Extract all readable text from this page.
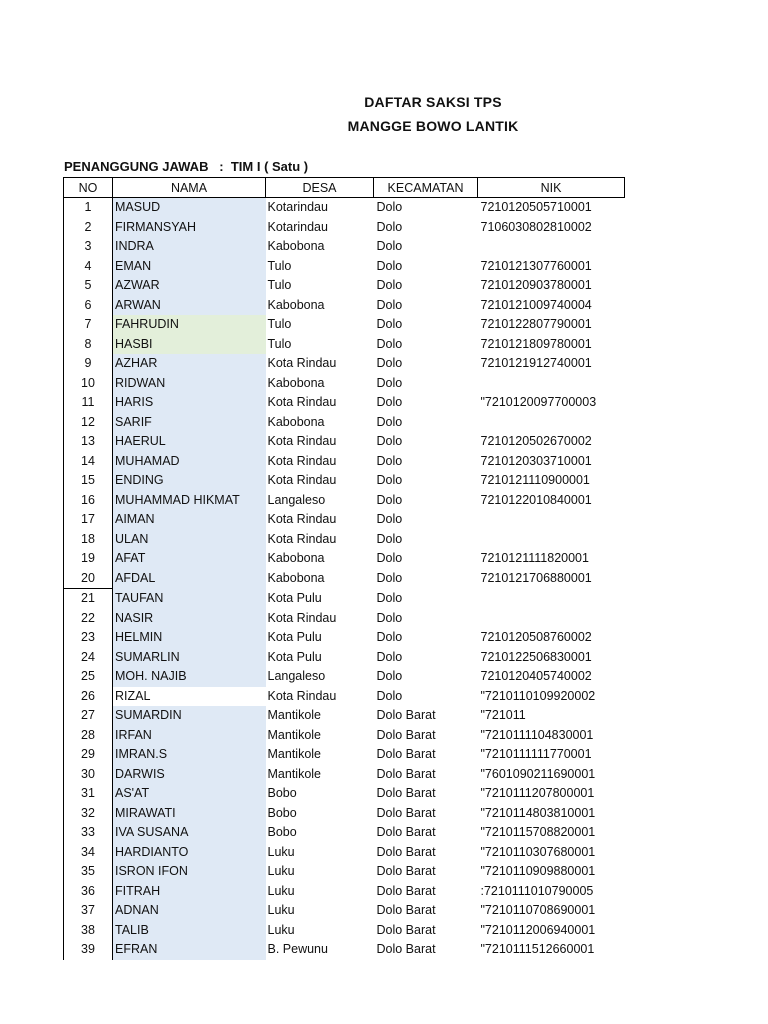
DAFTAR SAKSI TPS
MANGGE BOWO LANTIK
PENANGGUNG JAWAB   :  TIM I ( Satu )
NO	NAMA	DESA	KECAMATAN	NIK
1	MASUD	Kotarindau	Dolo	7210120505710001
2	FIRMANSYAH	Kotarindau	Dolo	7106030802810002
3	INDRA	Kabobona	Dolo	
4	EMAN	Tulo	Dolo	7210121307760001
5	AZWAR	Tulo	Dolo	7210120903780001
6	ARWAN	Kabobona	Dolo	7210121009740004
7	FAHRUDIN	Tulo	Dolo	7210122807790001
8	HASBI	Tulo	Dolo	7210121809780001
9	AZHAR	Kota Rindau	Dolo	7210121912740001
10	RIDWAN	Kabobona	Dolo	
11	HARIS	Kota Rindau	Dolo	"7210120097700003
12	SARIF	Kabobona	Dolo	
13	HAERUL	Kota Rindau	Dolo	7210120502670002
14	MUHAMAD	Kota Rindau	Dolo	7210120303710001
15	ENDING	Kota Rindau	Dolo	7210121110900001
16	MUHAMMAD HIKMAT	Langaleso	Dolo	7210122010840001
17	AIMAN	Kota Rindau	Dolo	
18	ULAN	Kota Rindau	Dolo	
19	AFAT	Kabobona	Dolo	7210121111820001
20	AFDAL	Kabobona	Dolo	7210121706880001
21	TAUFAN	Kota Pulu	Dolo	
22	NASIR	Kota Rindau	Dolo	
23	HELMIN	Kota Pulu	Dolo	7210120508760002
24	SUMARLIN	Kota Pulu	Dolo	7210122506830001
25	MOH. NAJIB	Langaleso	Dolo	7210120405740002
26	RIZAL	Kota Rindau	Dolo	"7210110109920002
27	SUMARDIN	Mantikole	Dolo Barat	"721011
28	IRFAN	Mantikole	Dolo Barat	"7210111104830001
29	IMRAN.S	Mantikole	Dolo Barat	"7210111111770001
30	DARWIS	Mantikole	Dolo Barat	"7601090211690001
31	AS'AT	Bobo	Dolo Barat	"7210111207800001
32	MIRAWATI	Bobo	Dolo Barat	"7210114803810001
33	IVA SUSANA	Bobo	Dolo Barat	"7210115708820001
34	HARDIANTO	Luku	Dolo Barat	"7210110307680001
35	ISRON IFON	Luku	Dolo Barat	"7210110909880001
36	FITRAH	Luku	Dolo Barat	:7210111010790005
37	ADNAN	Luku	Dolo Barat	"7210110708690001
38	TALIB	Luku	Dolo Barat	"7210112006940001
39	EFRAN	B. Pewunu	Dolo Barat	"7210111512660001
